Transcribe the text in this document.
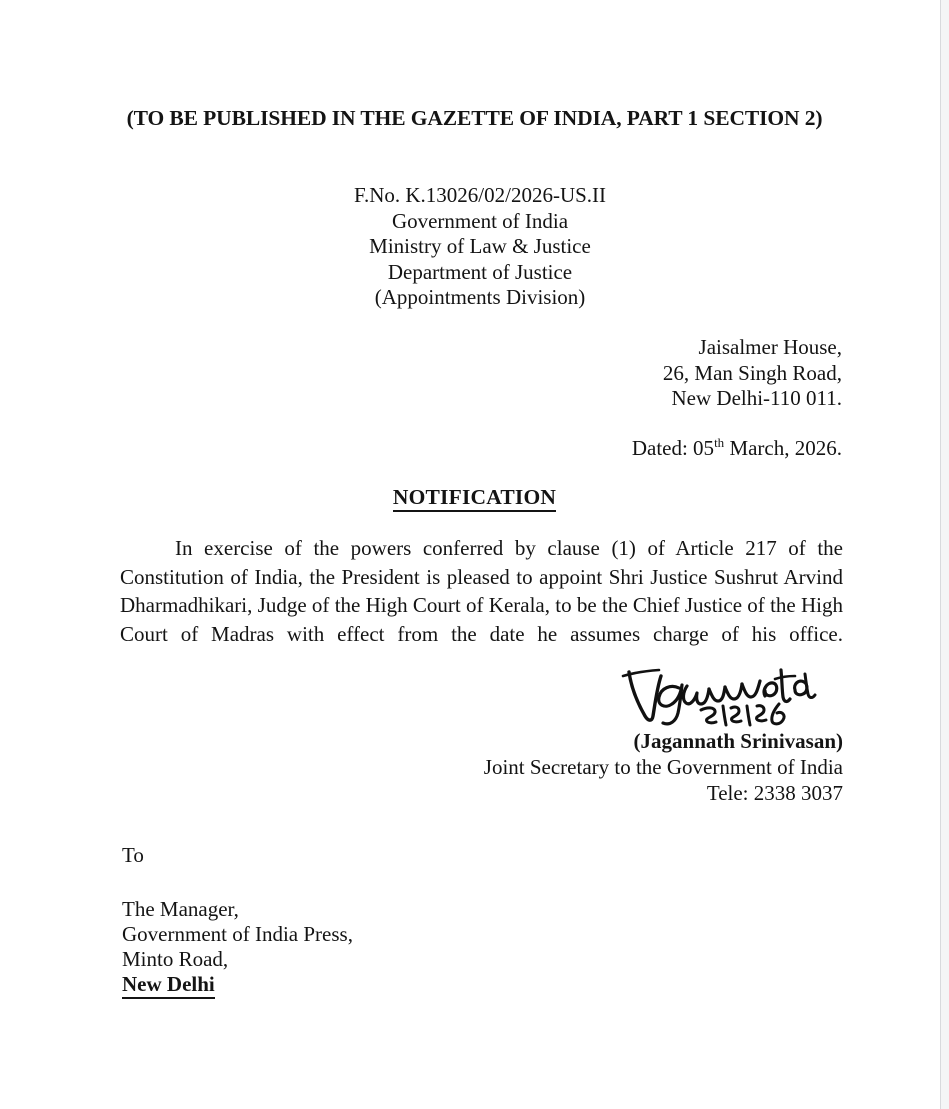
(TO BE PUBLISHED IN THE GAZETTE OF INDIA, PART 1 SECTION 2)
F.No. K.13026/02/2026-US.II
Government of India
Ministry of Law & Justice
Department of Justice
(Appointments Division)
Jaisalmer House,
26, Man Singh Road,
New Delhi-110 011.
Dated: 05th March, 2026.
NOTIFICATION
In exercise of the powers conferred by clause (1) of Article 217 of the Constitution of India, the President is pleased to appoint Shri Justice Sushrut Arvind Dharmadhikari, Judge of the High Court of Kerala, to be the Chief Justice of the High Court of Madras with effect from the date he assumes charge of his office.
(Jagannath Srinivasan)
Joint Secretary to the Government of India
Tele: 2338 3037
To
The Manager,
Government of India Press,
Minto Road,
New Delhi
